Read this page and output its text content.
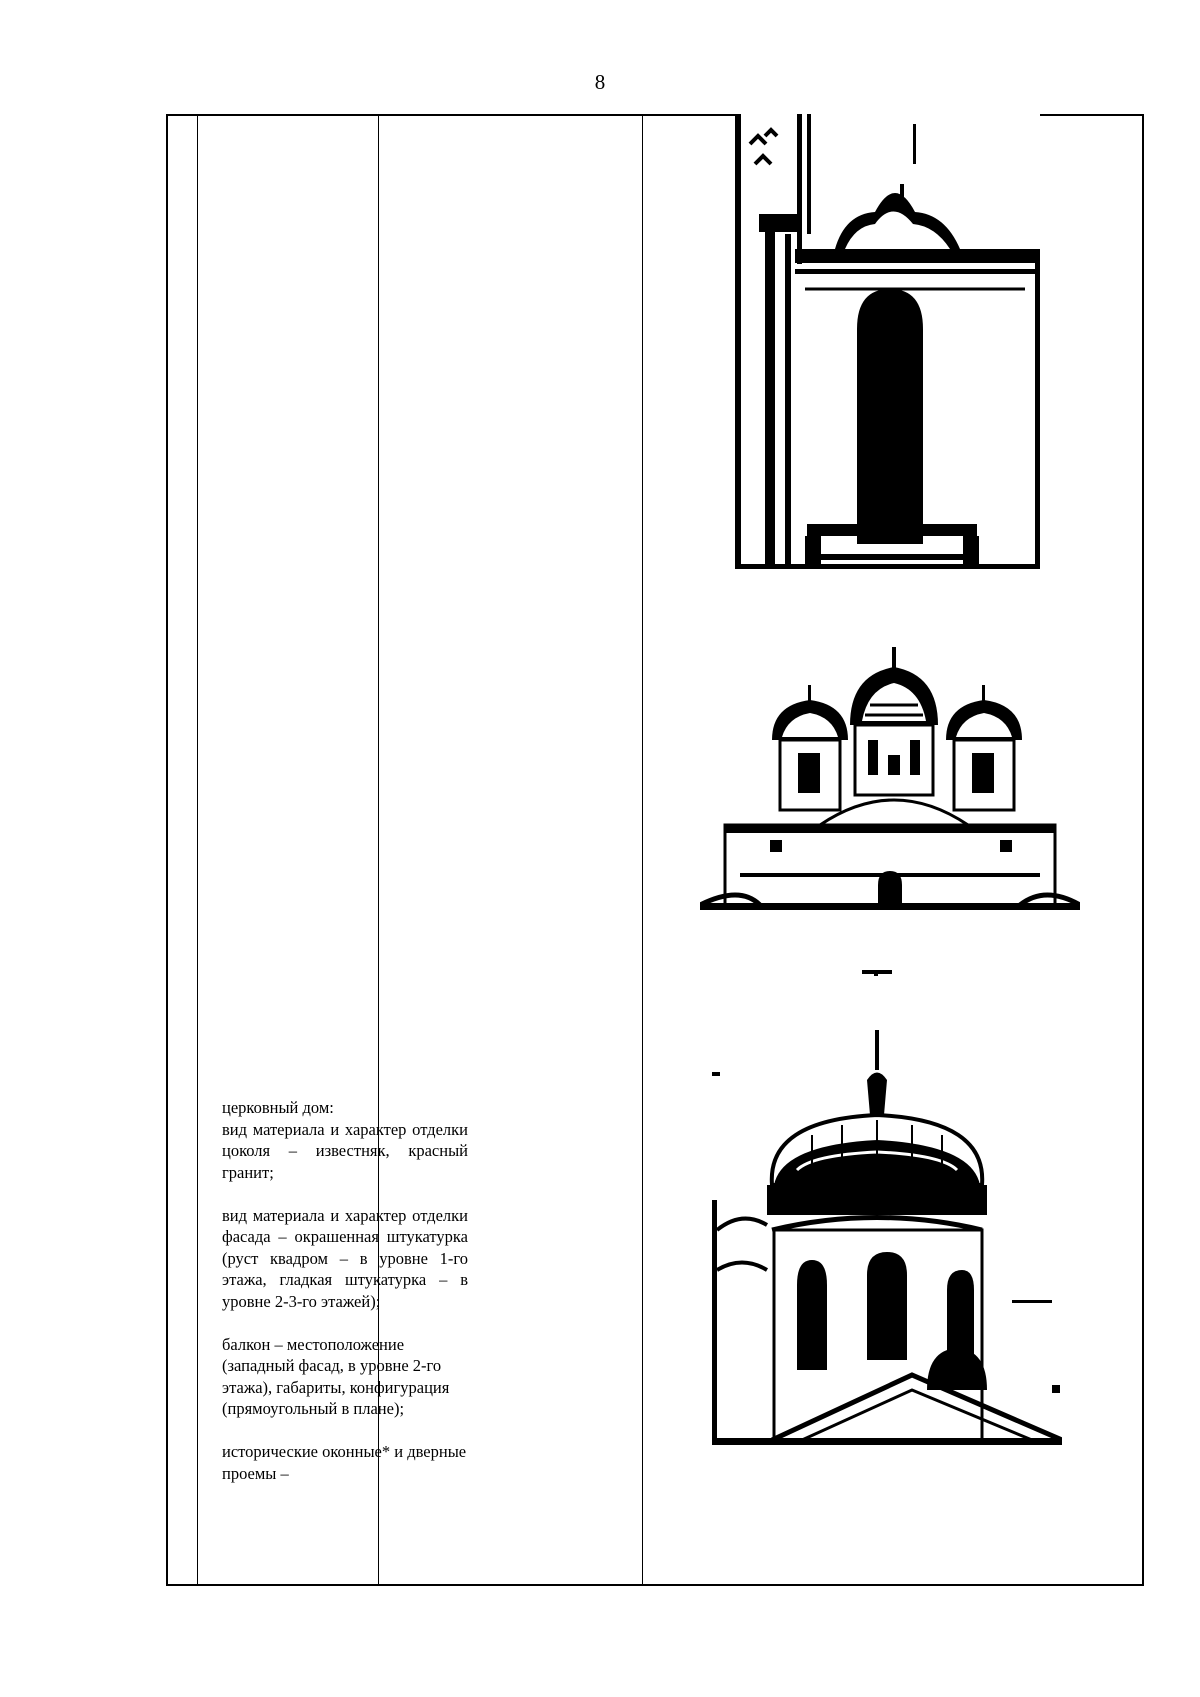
8

церковный дом:

вид материала и характер отделки цоколя – известняк, красный гранит;

вид материала и характер отделки фасада – окрашенная штукатурка (руст квадром – в уровне 1-го этажа, гладкая штукатурка – в уровне 2-3-го этажей);

балкон – местоположение (западный фасад, в уровне 2-го этажа), габариты, конфигурация (прямоугольный в плане);

исторические оконные* и дверные проемы –
